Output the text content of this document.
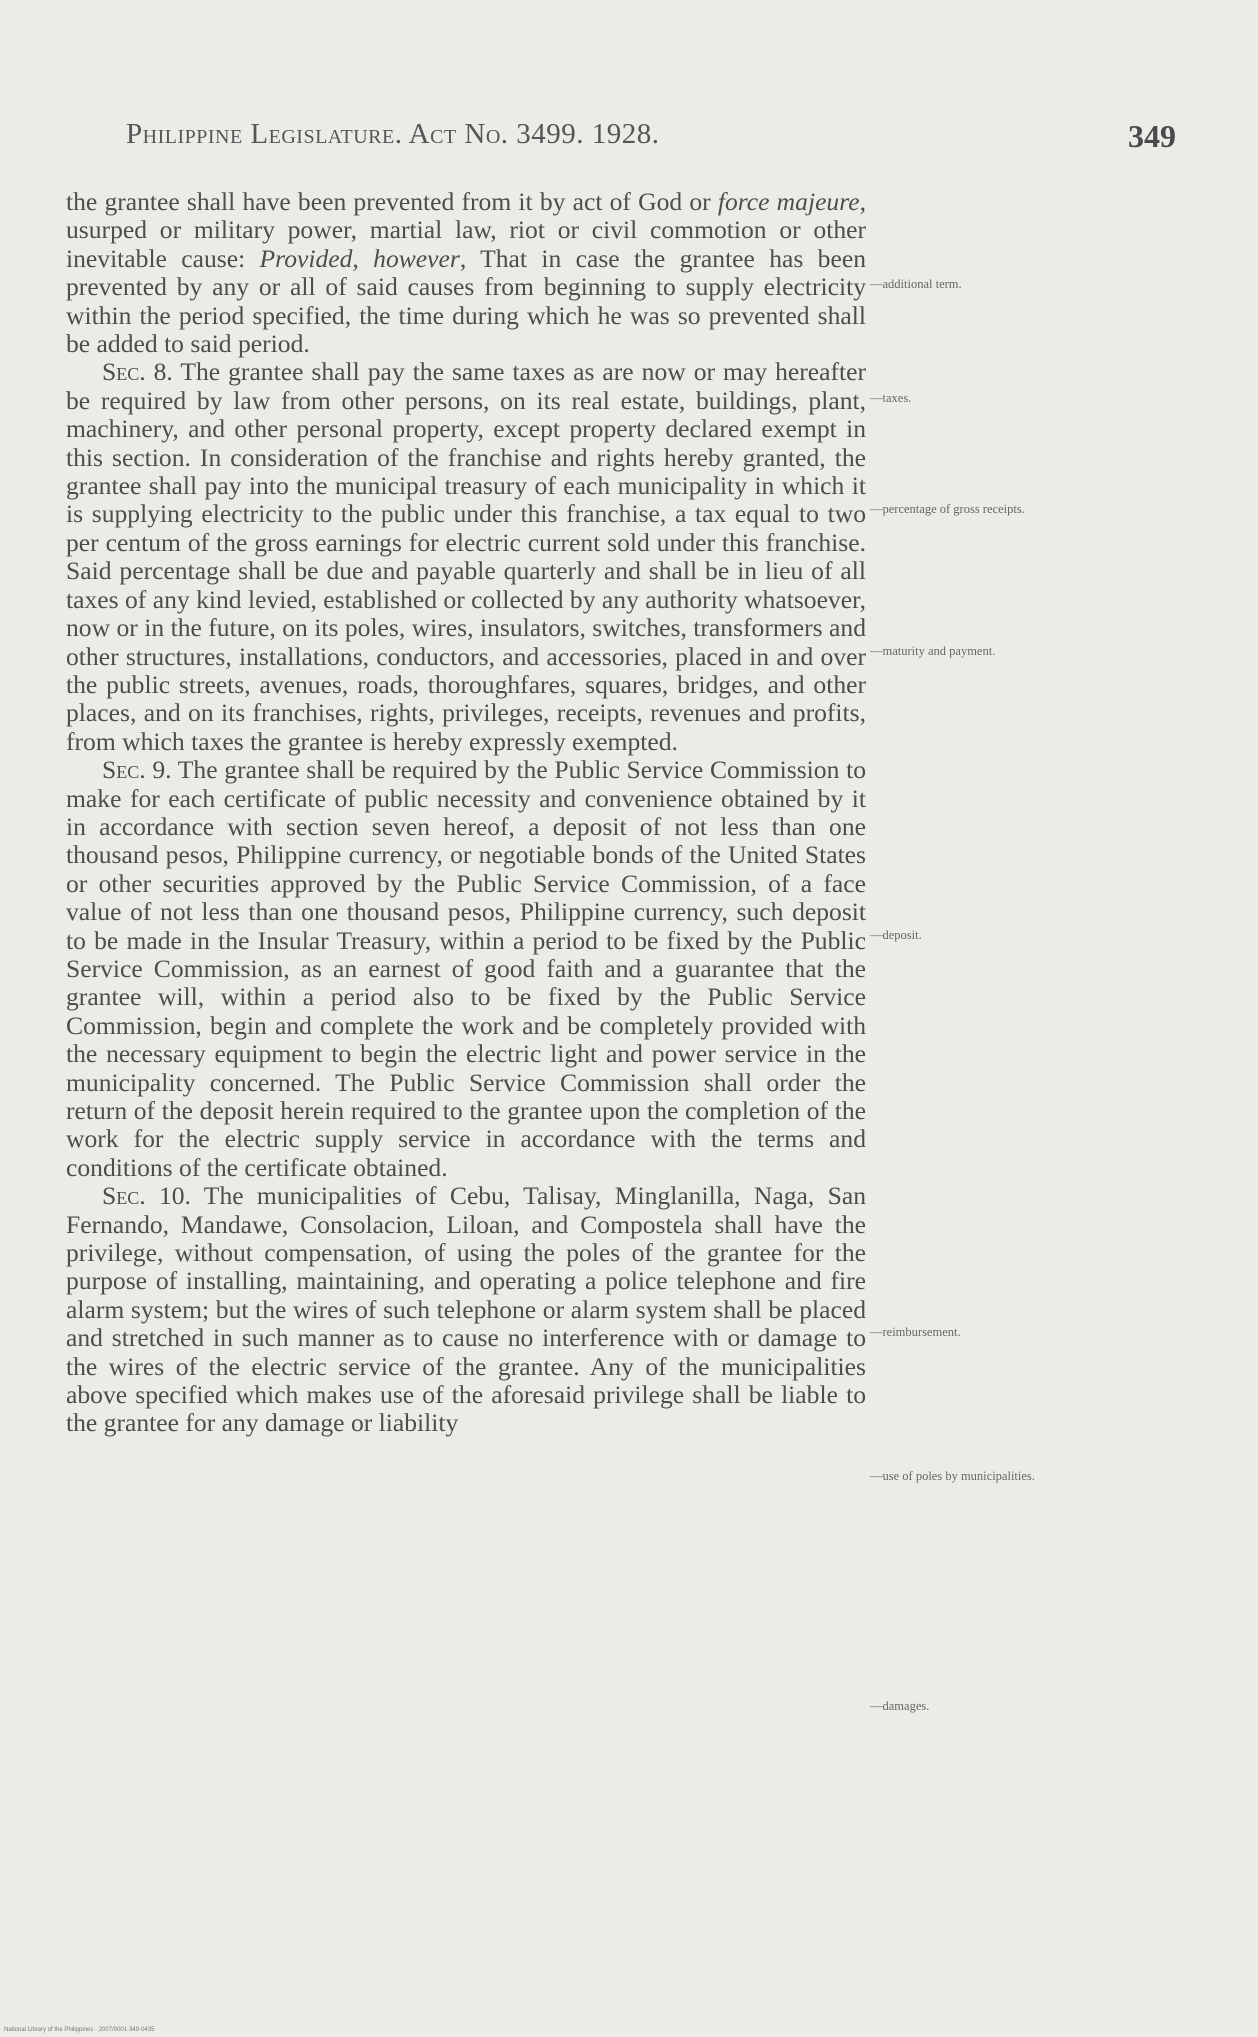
Philippine Legislature. Act No. 3499. 1928.	349

the grantee shall have been prevented from it by act of God or force majeure, usurped or military power, martial law, riot or civil commotion or other inevitable cause: Provided, however, That in case the grantee has been prevented by any or all of said causes from beginning to supply electricity within the period specified, the time during which he was so prevented shall be added to said period.

Sec. 8. The grantee shall pay the same taxes as are now or may hereafter be required by law from other persons, on its real estate, buildings, plant, machinery, and other personal property, except property declared exempt in this section. In consideration of the franchise and rights hereby granted, the grantee shall pay into the municipal treasury of each municipality in which it is supplying electricity to the public under this franchise, a tax equal to two per centum of the gross earnings for electric current sold under this franchise. Said percentage shall be due and payable quarterly and shall be in lieu of all taxes of any kind levied, established or collected by any authority whatsoever, now or in the future, on its poles, wires, insulators, switches, transformers and other structures, installations, conductors, and accessories, placed in and over the public streets, avenues, roads, thoroughfares, squares, bridges, and other places, and on its franchises, rights, privileges, receipts, revenues and profits, from which taxes the grantee is hereby expressly exempted.

Sec. 9. The grantee shall be required by the Public Service Commission to make for each certificate of public necessity and convenience obtained by it in accordance with section seven hereof, a deposit of not less than one thousand pesos, Philippine currency, or negotiable bonds of the United States or other securities approved by the Public Service Commission, of a face value of not less than one thousand pesos, Philippine currency, such deposit to be made in the Insular Treasury, within a period to be fixed by the Public Service Commission, as an earnest of good faith and a guarantee that the grantee will, within a period also to be fixed by the Public Service Commission, begin and complete the work and be completely provided with the necessary equipment to begin the electric light and power service in the municipality concerned. The Public Service Commission shall order the return of the deposit herein required to the grantee upon the completion of the work for the electric supply service in accordance with the terms and conditions of the certificate obtained.

Sec. 10. The municipalities of Cebu, Talisay, Minglanilla, Naga, San Fernando, Mandawe, Consolacion, Liloan, and Compostela shall have the privilege, without compensation, of using the poles of the grantee for the purpose of installing, maintaining, and operating a police telephone and fire alarm system; but the wires of such telephone or alarm system shall be placed and stretched in such manner as to cause no interference with or damage to the wires of the electric service of the grantee. Any of the municipalities above specified which makes use of the aforesaid privilege shall be liable to the grantee for any damage or liability

—additional term.
—taxes.
—percentage of gross receipts.
—maturity and payment.
—deposit.
—reimbursement.
—use of poles by municipalities.
—damages.
National Library of the Philippines · 2007/0001·349·0435
